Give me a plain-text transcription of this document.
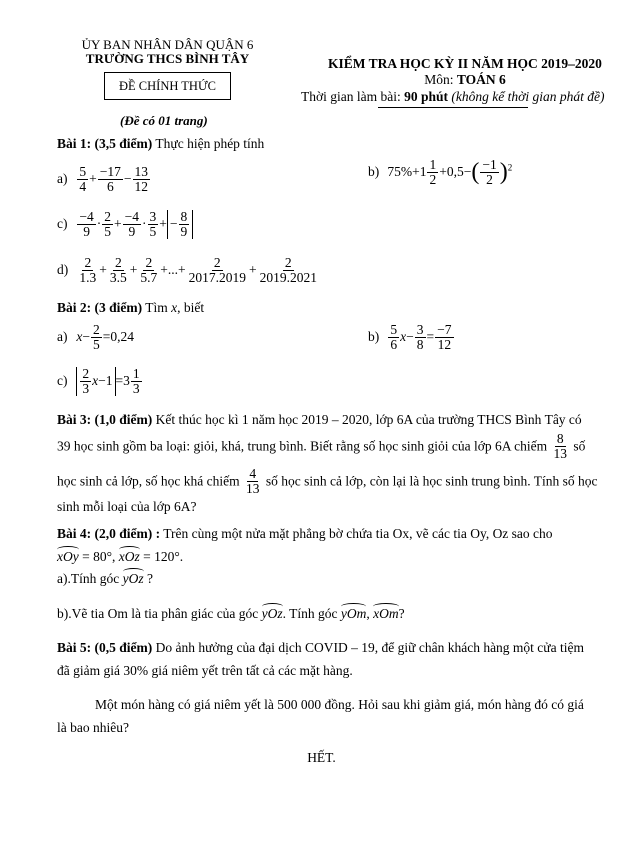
ỦY BAN NHÂN DÂN QUẬN 6
TRƯỜNG THCS BÌNH TÂY
ĐỀ CHÍNH THỨC
(Đề có 01 trang)
KIỂM TRA HỌC KỲ II NĂM HỌC 2019–2020
Môn: TOÁN 6
Thời gian làm bài: 90 phút (không kể thời gian phát đề)
Bài 1: (3,5 điểm) Thực hiện phép tính
$a) \frac{5}{4} + \frac{-17}{6} - \frac{13}{12}$	b) $75\%+1 \frac{1}{2} +0,5-( \frac{-1}{2} )^2$
$c) \frac{-4}{9} \cdot \frac{2}{5} + \frac{-4}{9} \cdot \frac{3}{5}$ + − $\frac{8}{9}$
$d) \frac{2}{1.3} + \frac{2}{3.5} + \frac{2}{5.7}$ +...+ $\frac{2}{2017.2019} + \frac{2}{2019.2021}$
Bài 2: (3 điểm) Tìm x, biết
a) $x- \frac{2}{5} =0,24$	$b) \frac{5}{6} x- \frac{3}{8} = \frac{-7}{12}$
$c) \frac{2}{3} x-1 =3 \frac{1}{3}$
Bài 3: (1,0 điểm) Kết thúc học kì 1 năm học 2019 – 2020, lớp 6A của trường THCS Bình Tây có
39 học sinh gồm ba loại: giỏi, khá, trung bình. Biết rằng số học sinh giỏi của lớp 6A chiếm $\frac{8}{13}$ số
học sinh cả lớp, số học khá chiếm $\frac{4}{13}$ số học sinh cả lớp, còn lại là học sinh trung bình. Tính số học
sinh mỗi loại của lớp 6A?
Bài 4: (2,0 điểm) : Trên cùng một nửa mặt phẳng bờ chứa tia Ox, vẽ các tia Oy, Oz sao cho
xOy = 80°, xOz = 120°.
a).Tính góc yOz ?
b).Vẽ tia Om là tia phân giác của góc yOz. Tính góc yOm, xOm?
Bài 5: (0,5 điểm) Do ảnh hưởng của đại dịch COVID – 19, để giữ chân khách hàng một cửa tiệm
đã giảm giá 30% giá niêm yết trên tất cả các mặt hàng.
Một món hàng có giá niêm yết là 500 000 đồng. Hỏi sau khi giảm giá, món hàng đó có giá
là bao nhiêu?
HẾT.
